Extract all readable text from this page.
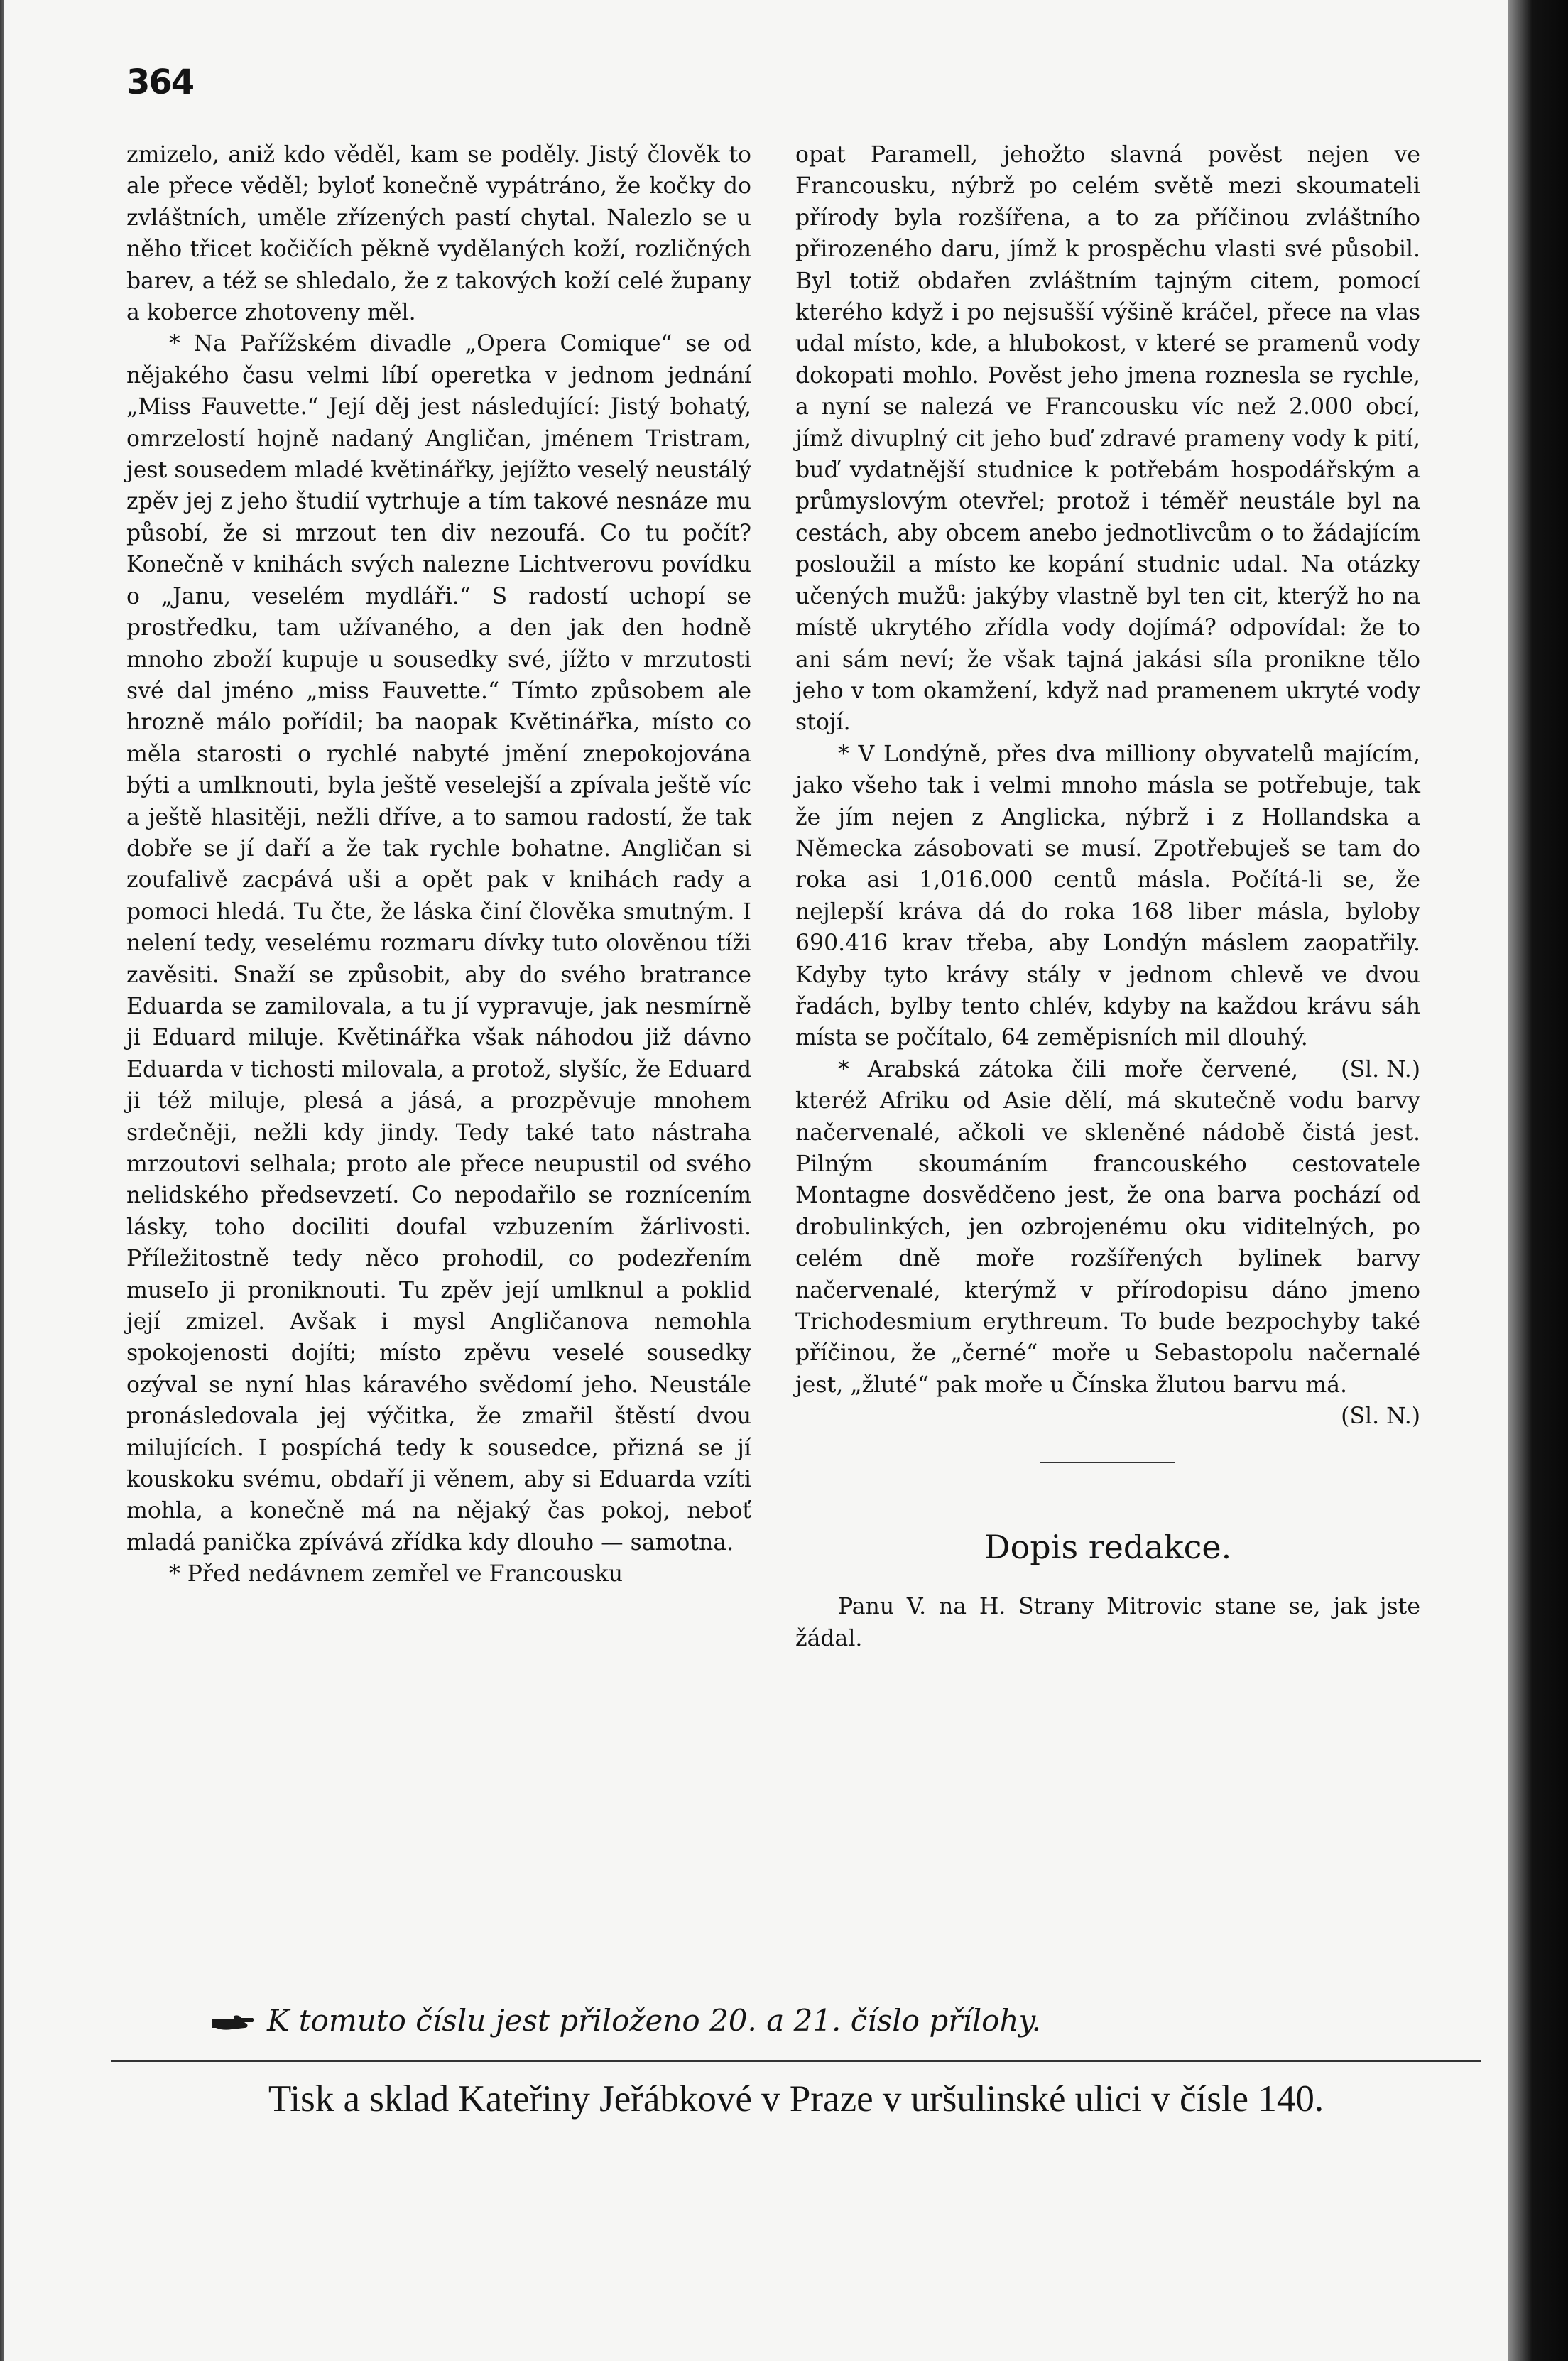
364

zmizelo, aniž kdo věděl, kam se poděly. Jistý člověk to ale přece věděl; byloť konečně vypátráno, že kočky do zvláštních, uměle zřízených pastí chytal. Nalezlo se u něho třicet kočičích pěkně vydělaných koží, rozličných barev, a též se shledalo, že z takových koží celé župany a koberce zhotoveny měl.

* Na Pařížském divadle „Opera Comique“ se od nějakého času velmi líbí operetka v jednom jednání „Miss Fauvette.“ Její děj jest následující: Jistý bohatý, omrzelostí hojně nadaný Angličan, jménem Tristram, jest sousedem mladé květinářky, jejížto veselý neustálý zpěv jej z jeho študií vytrhuje a tím takové nesnáze mu působí, že si mrzout ten div nezoufá. Co tu počít? Konečně v knihách svých nalezne Lichtverovu povídku o „Janu, veselém mydláři.“ S radostí uchopí se prostředku, tam užívaného, a den jak den hodně mnoho zboží kupuje u sousedky své, jížto v mrzutosti své dal jméno „miss Fauvette.“ Tímto způsobem ale hrozně málo pořídil; ba naopak Květinářka, místo co měla starosti o rychlé nabyté jmění znepokojována býti a umlknouti, byla ještě veselejší a zpívala ještě víc a ještě hlasitěji, nežli dříve, a to samou radostí, že tak dobře se jí daří a že tak rychle bohatne. Angličan si zoufalivě zacpává uši a opět pak v knihách rady a pomoci hledá. Tu čte, že láska činí člověka smutným. I nelení tedy, veselému rozmaru dívky tuto olověnou tíži zavěsiti. Snaží se způsobit, aby do svého bratrance Eduarda se zamilovala, a tu jí vypravuje, jak nesmírně ji Eduard miluje. Květinářka však náhodou již dávno Eduarda v tichosti milovala, a protož, slyšíc, že Eduard ji též miluje, plesá a jásá, a prozpěvuje mnohem srdečněji, nežli kdy jindy. Tedy také tato nástraha mrzoutovi selhala; proto ale přece neupustil od svého nelidského předsevzetí. Co nepodařilo se roznícením lásky, toho dociliti doufal vzbuzením žárlivosti. Příležitostně tedy něco prohodil, co podezřením museIo ji proniknouti. Tu zpěv její umlknul a poklid její zmizel. Avšak i mysl Angličanova nemohla spokojenosti dojíti; místo zpěvu veselé sousedky ozýval se nyní hlas káravého svědomí jeho. Neustále pronásledovala jej výčitka, že zmařil štěstí dvou milujících. I pospíchá tedy k sousedce, přizná se jí kouskoku svému, obdaří ji věnem, aby si Eduarda vzíti mohla, a konečně má na nějaký čas pokoj, neboť mladá panička zpívává zřídka kdy dlouho — samotna.

* Před nedávnem zemřel ve Francousku

opat Paramell, jehožto slavná pověst nejen ve Francousku, nýbrž po celém světě mezi skoumateli přírody byla rozšířena, a to za příčinou zvláštního přirozeného daru, jímž k prospěchu vlasti své působil. Byl totiž obdařen zvláštním tajným citem, pomocí kterého když i po nejsušší výšině kráčel, přece na vlas udal místo, kde, a hlubokost, v které se pramenů vody dokopati mohlo. Pověst jeho jmena roznesla se rychle, a nyní se nalezá ve Francousku víc než 2.000 obcí, jímž divuplný cit jeho buď zdravé prameny vody k pití, buď vydatnější studnice k potřebám hospodářským a průmyslovým otevřel; protož i téměř neustále byl na cestách, aby obcem anebo jednotlivcům o to žádajícím posloužil a místo ke kopání studnic udal. Na otázky učených mužů: jakýby vlastně byl ten cit, kterýž ho na místě ukrytého zřídla vody dojímá? odpovídal: že to ani sám neví; že však tajná jakási síla pronikne tělo jeho v tom okamžení, když nad pramenem ukryté vody stojí.

* V Londýně, přes dva milliony obyvatelů majícím, jako všeho tak i velmi mnoho másla se potřebuje, tak že jím nejen z Anglicka, nýbrž i z Hollandska a Německa zásobovati se musí. Zpotřebuješ se tam do roka asi 1,016.000 centů másla. Počítá-li se, že nejlepší kráva dá do roka 168 liber másla, byloby 690.416 krav třeba, aby Londýn máslem zaopatřily. Kdyby tyto krávy stály v jednom chlevě ve dvou řadách, bylby tento chlév, kdyby na každou krávu sáh místa se počítalo, 64 zeměpisních mil dlouhý.
(Sl. N.)

* Arabská zátoka čili moře červené, kteréž Afriku od Asie dělí, má skutečně vodu barvy načervenalé, ačkoli ve skleněné nádobě čistá jest. Pilným skoumáním francouského cestovatele Montagne dosvědčeno jest, že ona barva pochází od drobulinkých, jen ozbrojenému oku viditelných, po celém dně moře rozšířených bylinek barvy načervenalé, kterýmž v přírodopisu dáno jmeno Trichodesmium erythreum. To bude bezpochyby také příčinou, že „černé“ moře u Sebastopolu načernalé jest, „žluté“ pak moře u Čínska žlutou barvu má.
(Sl. N.)

Dopis redakce.

Panu V. na H. Strany Mitrovic stane se, jak jste žádal.

K tomuto číslu jest přiloženo 20. a 21. číslo přílohy.
Tisk a sklad Kateřiny Jeřábkové v Praze v uršulinské ulici v čísle 140.
